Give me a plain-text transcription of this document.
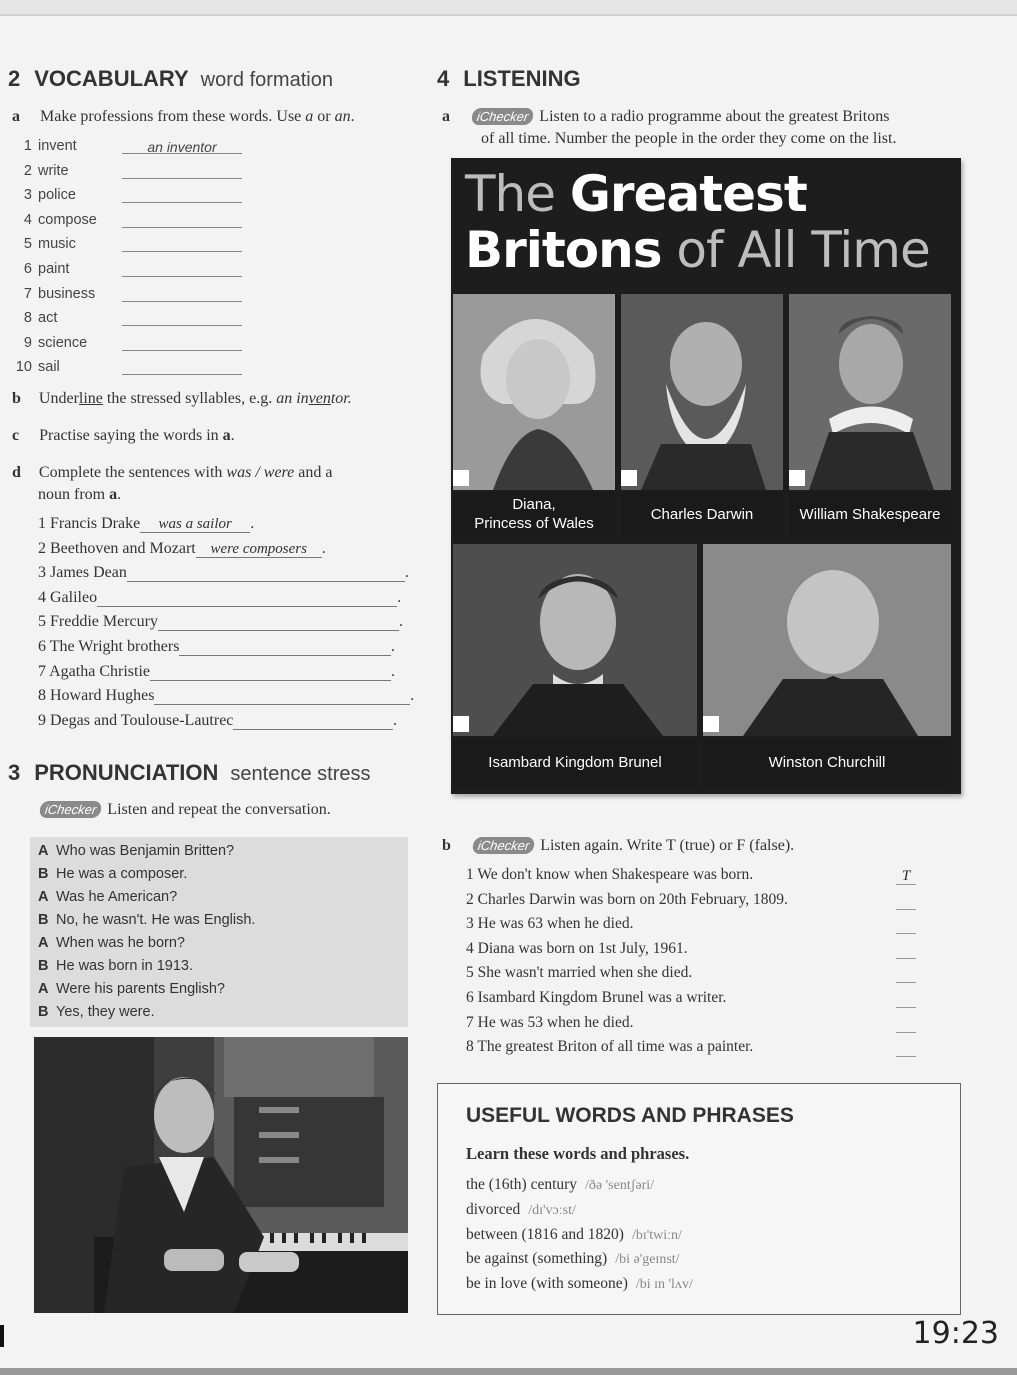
2 VOCABULARY word formation
a Make professions from these words. Use a or an.
1 invent	an inventor
2 write
3 police
4 compose
5 music
6 paint
7 business
8 act
9 science
10 sail
b Underline the stressed syllables, e.g. an inventor.
c Practise saying the words in a.
d Complete the sentences with was / were and a
noun from a.
1 Francis Drake was a sailor .
2 Beethoven and Mozart were composers .
3 James Dean	.
4 Galileo	.
5 Freddie Mercury	.
6 The Wright brothers	.
7 Agatha Christie	.
8 Howard Hughes	.
9 Degas and Toulouse-Lautrec	.
3 PRONUNCIATION sentence stress
iChecker Listen and repeat the conversation.
A Who was Benjamin Britten?
B He was a composer.
A Was he American?
B No, he wasn't. He was English.
A When was he born?
B He was born in 1913.
A Were his parents English?
B Yes, they were.
4 LISTENING
a iChecker Listen to a radio programme about the greatest Britons
of all time. Number the people in the order they come on the list.
The Greatest
Britons of All Time
Diana,
Princess of Wales
Charles Darwin	William Shakespeare
Isambard Kingdom Brunel	Winston Churchill
b iChecker Listen again. Write T (true) or F (false).
1 We don't know when Shakespeare was born.	T
2 Charles Darwin was born on 20th February, 1809.
3 He was 63 when he died.
4 Diana was born on 1st July, 1961.
5 She wasn't married when she died.
6 Isambard Kingdom Brunel was a writer.
7 He was 53 when he died.
8 The greatest Briton of all time was a painter.
USEFUL WORDS AND PHRASES
Learn these words and phrases.
the (16th) century /ðə 'sentʃəri/
divorced /dɪ'vɔːst/
between (1816 and 1820) /bɪ'twiːn/
be against (something) /bi ə'geɪnst/
be in love (with someone) /bi ɪn 'lʌv/
19:23
